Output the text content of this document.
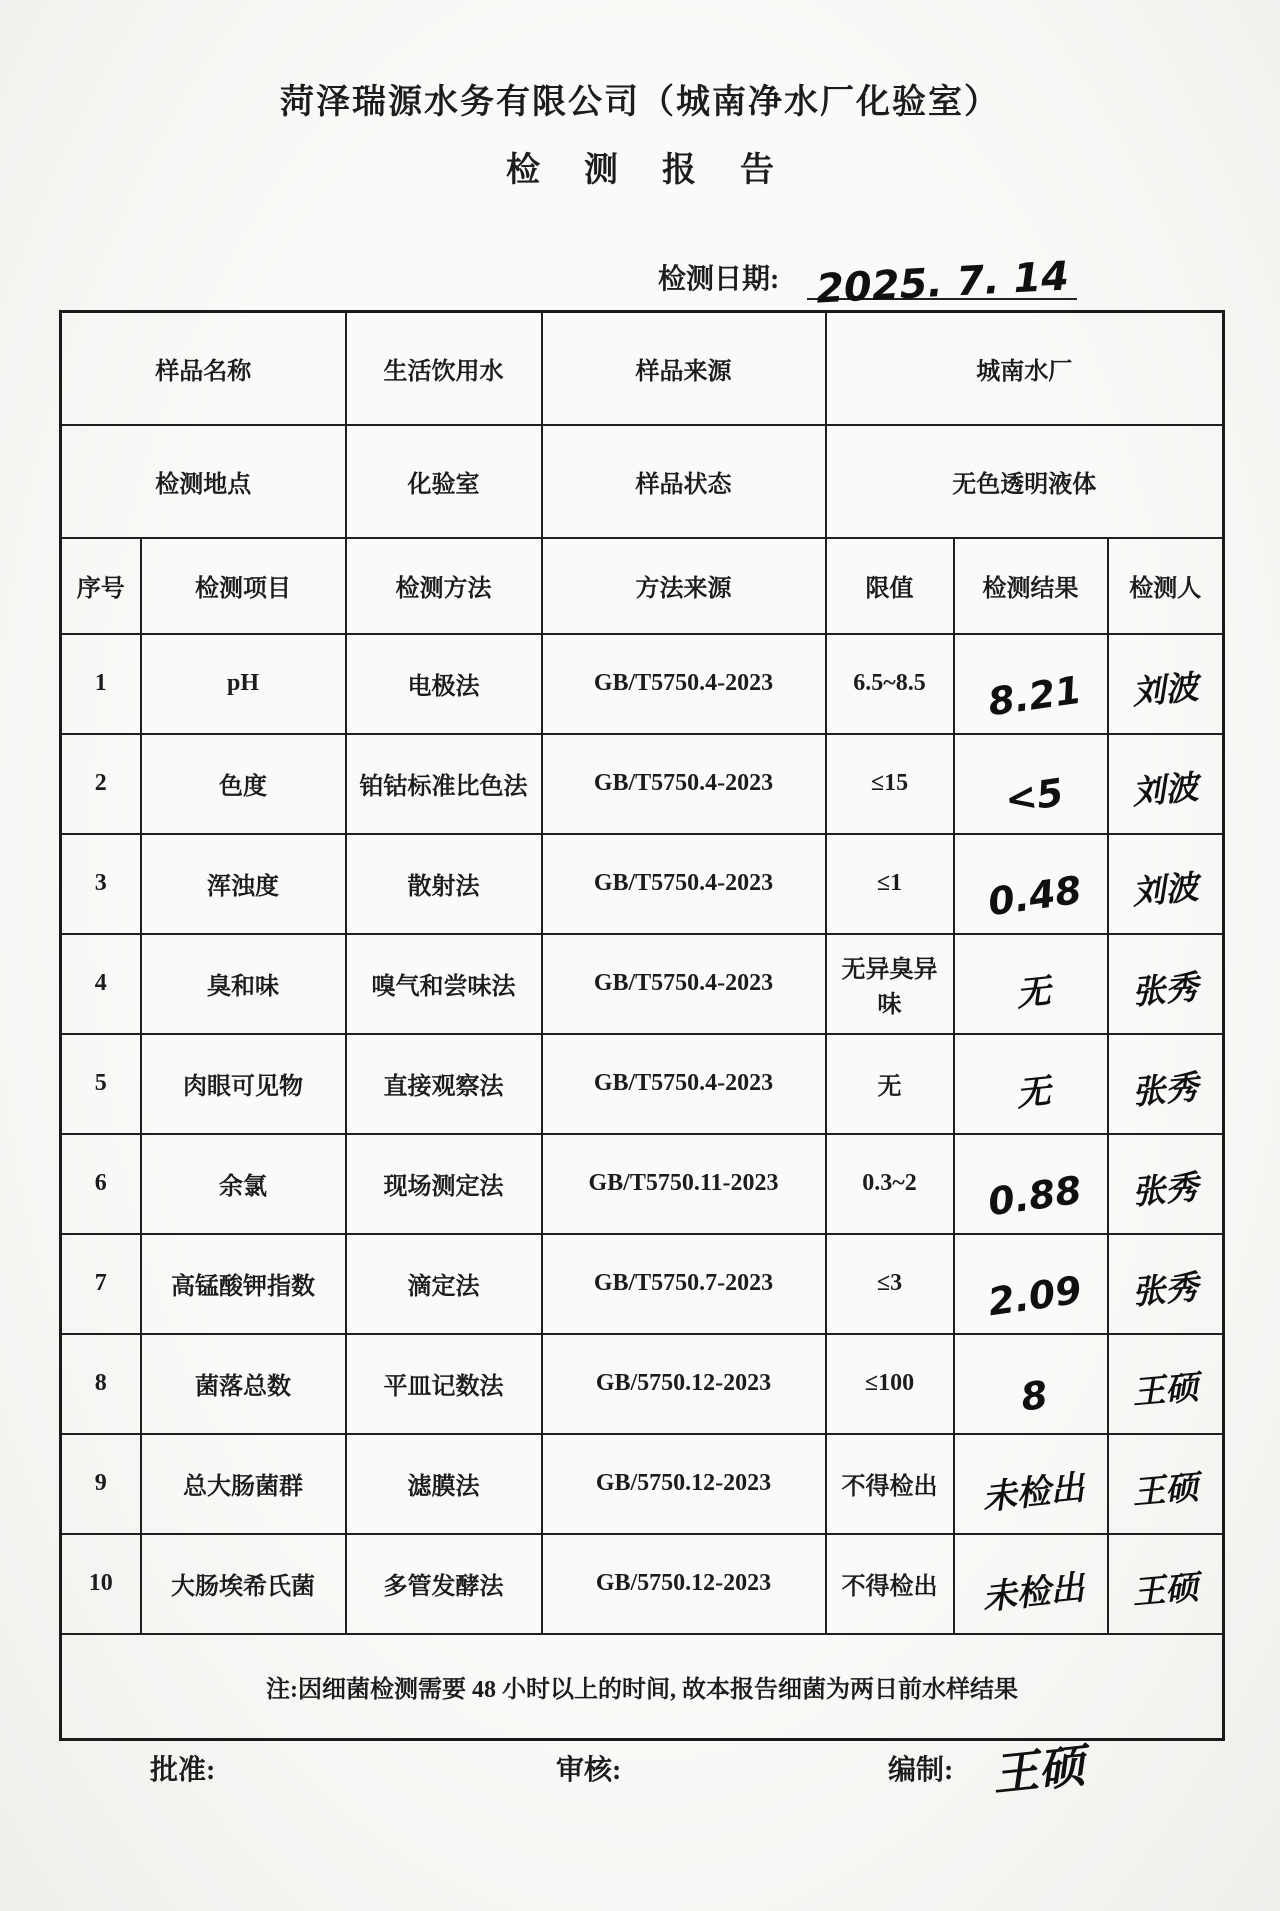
菏泽瑞源水务有限公司（城南净水厂化验室）
检测报告
检测日期: 2025. 7. 14
样品名称		生活饮用水	样品来源	城南水厂		
检测地点		化验室	样品状态	无色透明液体		
序号	检测项目	检测方法	方法来源	限值	检测结果	检测人
1	pH	电极法	GB/T5750.4-2023	6.5~8.5	8.21	刘波
2	色度	铂钴标准比色法	GB/T5750.4-2023	≤15	<5	刘波
3	浑浊度	散射法	GB/T5750.4-2023	≤1	0.48	刘波
4	臭和味	嗅气和尝味法	GB/T5750.4-2023	无异臭异味	无	张秀
5	肉眼可见物	直接观察法	GB/T5750.4-2023	无	无	张秀
6	余氯	现场测定法	GB/T5750.11-2023	0.3~2	0.88	张秀
7	高锰酸钾指数	滴定法	GB/T5750.7-2023	≤3	2.09	张秀
8	菌落总数	平皿记数法	GB/5750.12-2023	≤100	8	王硕
9	总大肠菌群	滤膜法	GB/5750.12-2023	不得检出	未检出	王硕
10	大肠埃希氏菌	多管发酵法	GB/5750.12-2023	不得检出	未检出	王硕
注:因细菌检测需要 48 小时以上的时间, 故本报告细菌为两日前水样结果						
批准:	审核:	编制: 王硕
